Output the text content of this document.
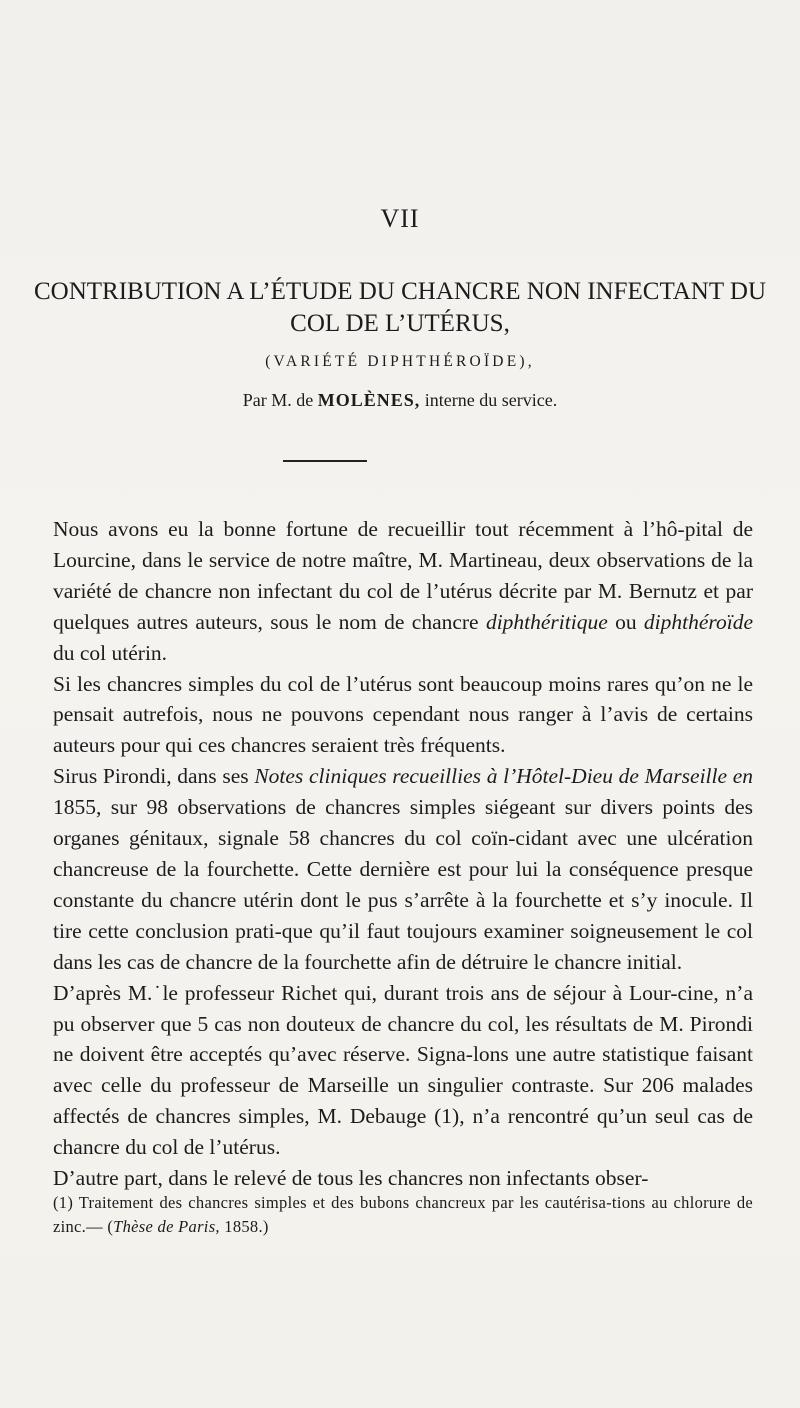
VII
CONTRIBUTION A L’ÉTUDE DU CHANCRE NON INFECTANT DU
COL DE L’UTÉRUS,
(VARIÉTÉ DIPHTHÉROÏDE),
Par M. de MOLÈNES, interne du service.

Nous avons eu la bonne fortune de recueillir tout récemment à l’hô-pital de Lourcine, dans le service de notre maître, M. Martineau, deux observations de la variété de chancre non infectant du col de l’utérus décrite par M. Bernutz et par quelques autres auteurs, sous le nom de chancre diphthéritique ou diphthéroïde du col utérin.

Si les chancres simples du col de l’utérus sont beaucoup moins rares qu’on ne le pensait autrefois, nous ne pouvons cependant nous ranger à l’avis de certains auteurs pour qui ces chancres seraient très fréquents.

Sirus Pirondi, dans ses Notes cliniques recueillies à l’Hôtel-Dieu de Marseille en 1855, sur 98 observations de chancres simples siégeant sur divers points des organes génitaux, signale 58 chancres du col coïn-cidant avec une ulcération chancreuse de la fourchette. Cette dernière est pour lui la conséquence presque constante du chancre utérin dont le pus s’arrête à la fourchette et s’y inocule. Il tire cette conclusion prati-que qu’il faut toujours examiner soigneusement le col dans les cas de chancre de la fourchette afin de détruire le chancre initial.

D’après M.˙le professeur Richet qui, durant trois ans de séjour à Lour-cine, n’a pu observer que 5 cas non douteux de chancre du col, les résultats de M. Pirondi ne doivent être acceptés qu’avec réserve. Signa-lons une autre statistique faisant avec celle du professeur de Marseille un singulier contraste. Sur 206 malades affectés de chancres simples, M. Debauge (1), n’a rencontré qu’un seul cas de chancre du col de l’utérus.

D’autre part, dans le relevé de tous les chancres non infectants obser-

(1) Traitement des chancres simples et des bubons chancreux par les cautérisa-tions au chlorure de zinc.— (Thèse de Paris, 1858.)
